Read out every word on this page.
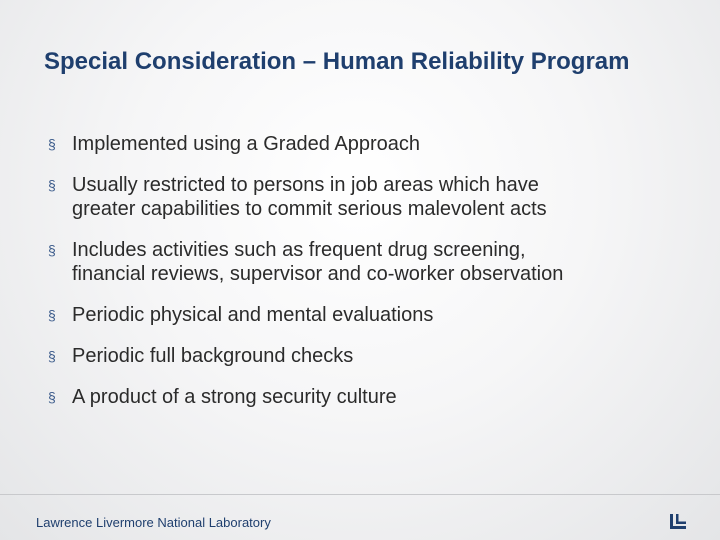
Special Consideration – Human Reliability Program
§ Implemented using a Graded Approach
§ Usually restricted to persons in job areas which have greater capabilities to commit serious malevolent acts
§ Includes activities such as frequent drug screening, financial reviews, supervisor and co-worker observation
§ Periodic physical and mental evaluations
§ Periodic full background checks
§ A product of a strong security culture
Lawrence Livermore National Laboratory
